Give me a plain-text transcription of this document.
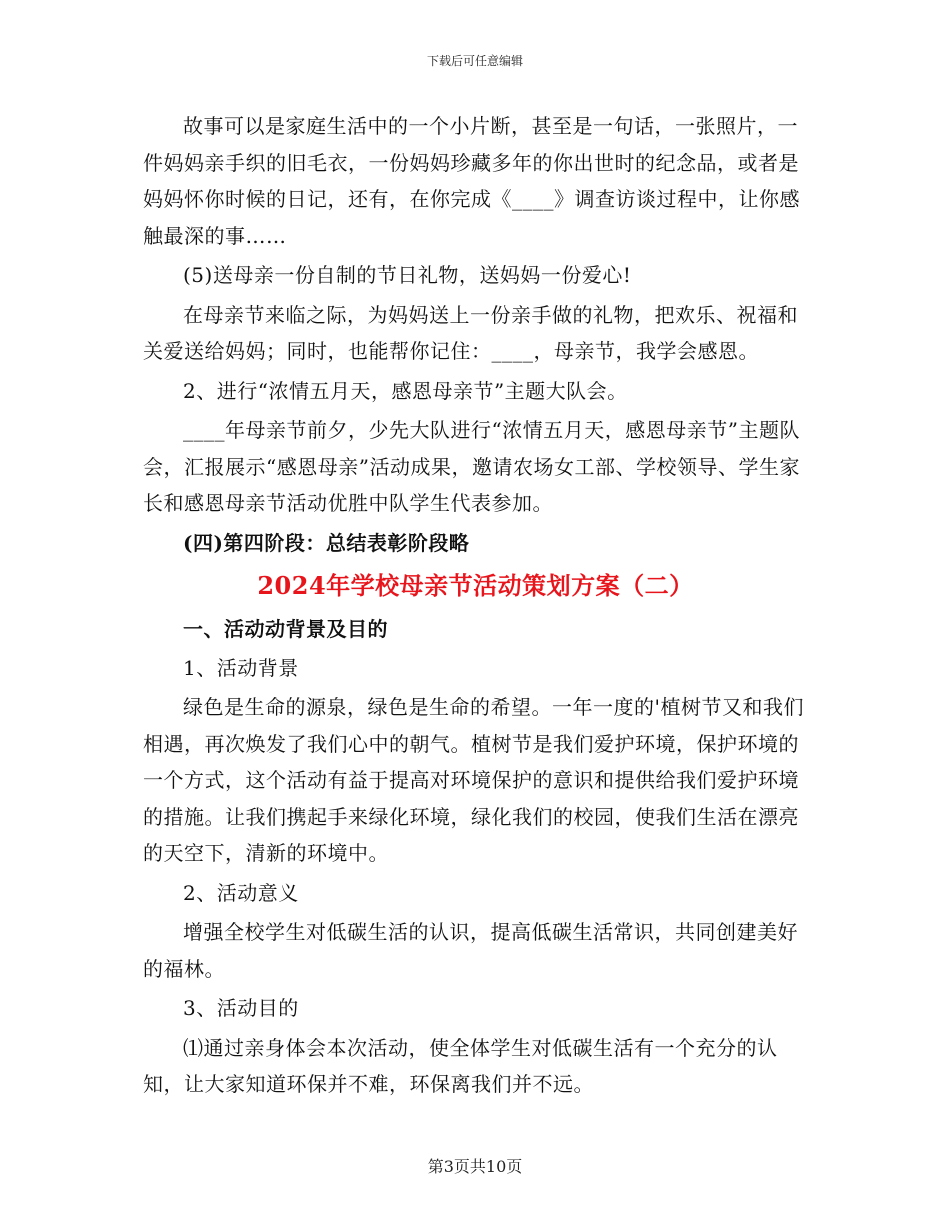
下载后可任意编辑

故事可以是家庭生活中的一个小片断，甚至是一句话，一张照片，一件妈妈亲手织的旧毛衣，一份妈妈珍藏多年的你出世时的纪念品，或者是妈妈怀你时候的日记，还有，在你完成《____》调查访谈过程中，让你感触最深的事……

(5)送母亲一份自制的节日礼物，送妈妈一份爱心!

在母亲节来临之际，为妈妈送上一份亲手做的礼物，把欢乐、祝福和关爱送给妈妈；同时，也能帮你记住：____，母亲节，我学会感恩。

2、进行“浓情五月天，感恩母亲节”主题大队会。

____年母亲节前夕，少先大队进行“浓情五月天，感恩母亲节”主题队会，汇报展示“感恩母亲”活动成果，邀请农场女工部、学校领导、学生家长和感恩母亲节活动优胜中队学生代表参加。

(四)第四阶段：总结表彰阶段略

2024年学校母亲节活动策划方案（二）

一、活动动背景及目的

1、活动背景

绿色是生命的源泉，绿色是生命的希望。一年一度的'植树节又和我们相遇，再次焕发了我们心中的朝气。植树节是我们爱护环境，保护环境的一个方式，这个活动有益于提高对环境保护的意识和提供给我们爱护环境的措施。让我们携起手来绿化环境，绿化我们的校园，使我们生活在漂亮的天空下，清新的环境中。

2、活动意义

增强全校学生对低碳生活的认识，提高低碳生活常识，共同创建美好的福林。

3、活动目的

⑴通过亲身体会本次活动，使全体学生对低碳生活有一个充分的认知，让大家知道环保并不难，环保离我们并不远。

第3页共10页
